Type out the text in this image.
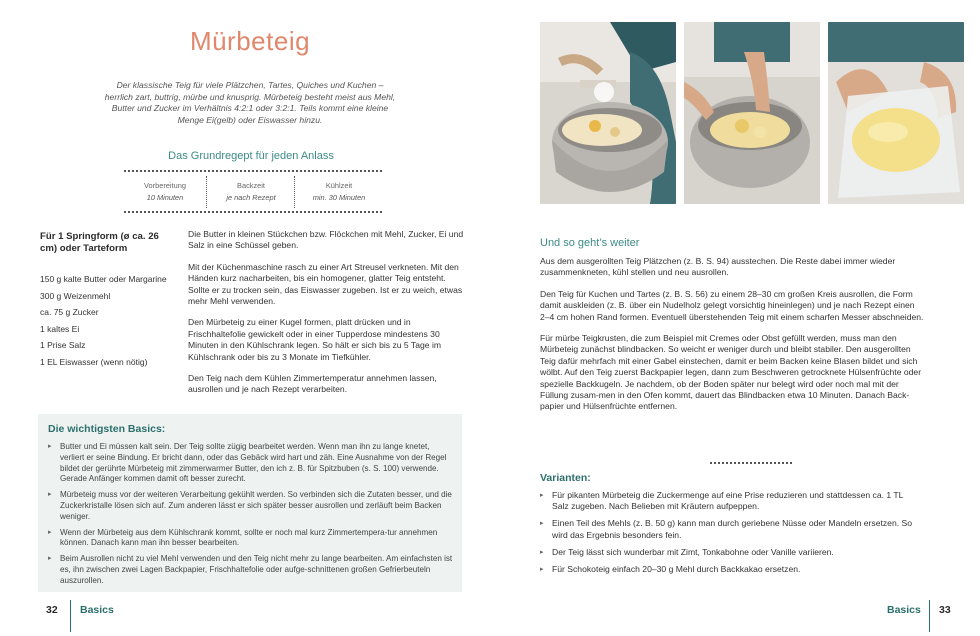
Mürbeteig
Der klassische Teig für viele Plätzchen, Tartes, Quiches und Kuchen – herrlich zart, buttrig, mürbe und knusprig. Mürbeteig besteht meist aus Mehl, Butter und Zucker im Verhältnis 4:2:1 oder 3:2:1. Teils kommt eine kleine Menge Ei(gelb) oder Eiswasser hinzu.
Das Grundregept für jeden Anlass
Vorbereitung
10 Minuten
Backzeit
je nach Rezept
Kühlzeit
min. 30 Minuten
Für 1 Springform (ø ca. 26 cm) oder Tarteform
150 g kalte Butter oder Margarine
300 g Weizenmehl
ca. 75 g Zucker
1 kaltes Ei
1 Prise Salz
1 EL Eiswasser (wenn nötig)

Die Butter in kleinen Stückchen bzw. Flöckchen mit Mehl, Zucker, Ei und Salz in eine Schüssel geben.

Mit der Küchenmaschine rasch zu einer Art Streusel verkneten. Mit den Händen kurz nacharbeiten, bis ein homogener, glatter Teig entsteht. Sollte er zu trocken sein, das Eiswasser zugeben. Ist er zu weich, etwas mehr Mehl verwenden.

Den Mürbeteig zu einer Kugel formen, platt drücken und in Frischhaltefolie gewickelt oder in einer Tupperdose mindestens 30 Minuten in den Kühlschrank legen. So hält er sich bis zu 5 Tage im Kühlschrank oder bis zu 3 Monate im Tiefkühler.

Den Teig nach dem Kühlen Zimmertemperatur annehmen lassen, ausrollen und je nach Rezept verarbeiten.

Die wichtigsten Basics:
▸ Butter und Ei müssen kalt sein. Der Teig sollte zügig bearbeitet werden. Wenn man ihn zu lange knetet, verliert er seine Bindung. Er bricht dann, oder das Gebäck wird hart und zäh. Eine Ausnahme von der Regel bildet der gerührte Mürbeteig mit zimmerwarmer Butter, den ich z. B. für Spitzbuben (s. S. 100) verwende. Gerade Anfänger kommen damit oft besser zurecht.
▸ Mürbeteig muss vor der weiteren Verarbeitung gekühlt werden. So verbinden sich die Zutaten besser, und die Zuckerkristalle lösen sich auf. Zum anderen lässt er sich später besser ausrollen und zerläuft beim Backen weniger.
▸ Wenn der Mürbeteig aus dem Kühlschrank kommt, sollte er noch mal kurz Zimmertempera-tur annehmen können. Danach kann man ihn besser bearbeiten.
▸ Beim Ausrollen nicht zu viel Mehl verwenden und den Teig nicht mehr zu lange bearbeiten. Am einfachsten ist es, ihn zwischen zwei Lagen Backpapier, Frischhaltefolie oder aufge-schnittenen großen Gefrierbeuteln auszurollen.
32 Basics
Und so geht’s weiter

Aus dem ausgerollten Teig Plätzchen (z. B. S. 94) ausstechen. Die Reste dabei immer wieder zusammenkneten, kühl stellen und neu ausrollen.

Den Teig für Kuchen und Tartes (z. B. S. 56) zu einem 28–30 cm großen Kreis ausrollen, die Form damit auskleiden (z. B. über ein Nudelholz gelegt vorsichtig hineinlegen) und je nach Rezept einen 2–4 cm hohen Rand formen. Eventuell überstehenden Teig mit einem scharfen Messer abschneiden.

Für mürbe Teigkrusten, die zum Beispiel mit Cremes oder Obst gefüllt werden, muss man den Mürbeteig zunächst blindbacken. So weicht er weniger durch und bleibt stabiler. Den ausgerollten Teig dafür mehrfach mit einer Gabel einstechen, damit er beim Backen keine Blasen bildet und sich wölbt. Auf den Teig zuerst Backpapier legen, dann zum Beschweren getrocknete Hülsenfrüchte oder spezielle Backkugeln. Je nachdem, ob der Boden später nur belegt wird oder noch mal mit der Füllung zusam-men in den Ofen kommt, dauert das Blindbacken etwa 10 Minuten. Danach Back-papier und Hülsenfrüchte entfernen.

Varianten:
▸ Für pikanten Mürbeteig die Zuckermenge auf eine Prise reduzieren und stattdessen ca. 1 TL Salz zugeben. Nach Belieben mit Kräutern aufpeppen.
▸ Einen Teil des Mehls (z. B. 50 g) kann man durch geriebene Nüsse oder Mandeln ersetzen. So wird das Ergebnis besonders fein.
▸ Der Teig lässt sich wunderbar mit Zimt, Tonkabohne oder Vanille variieren.
▸ Für Schokoteig einfach 20–30 g Mehl durch Backkakao ersetzen.
Basics 33
